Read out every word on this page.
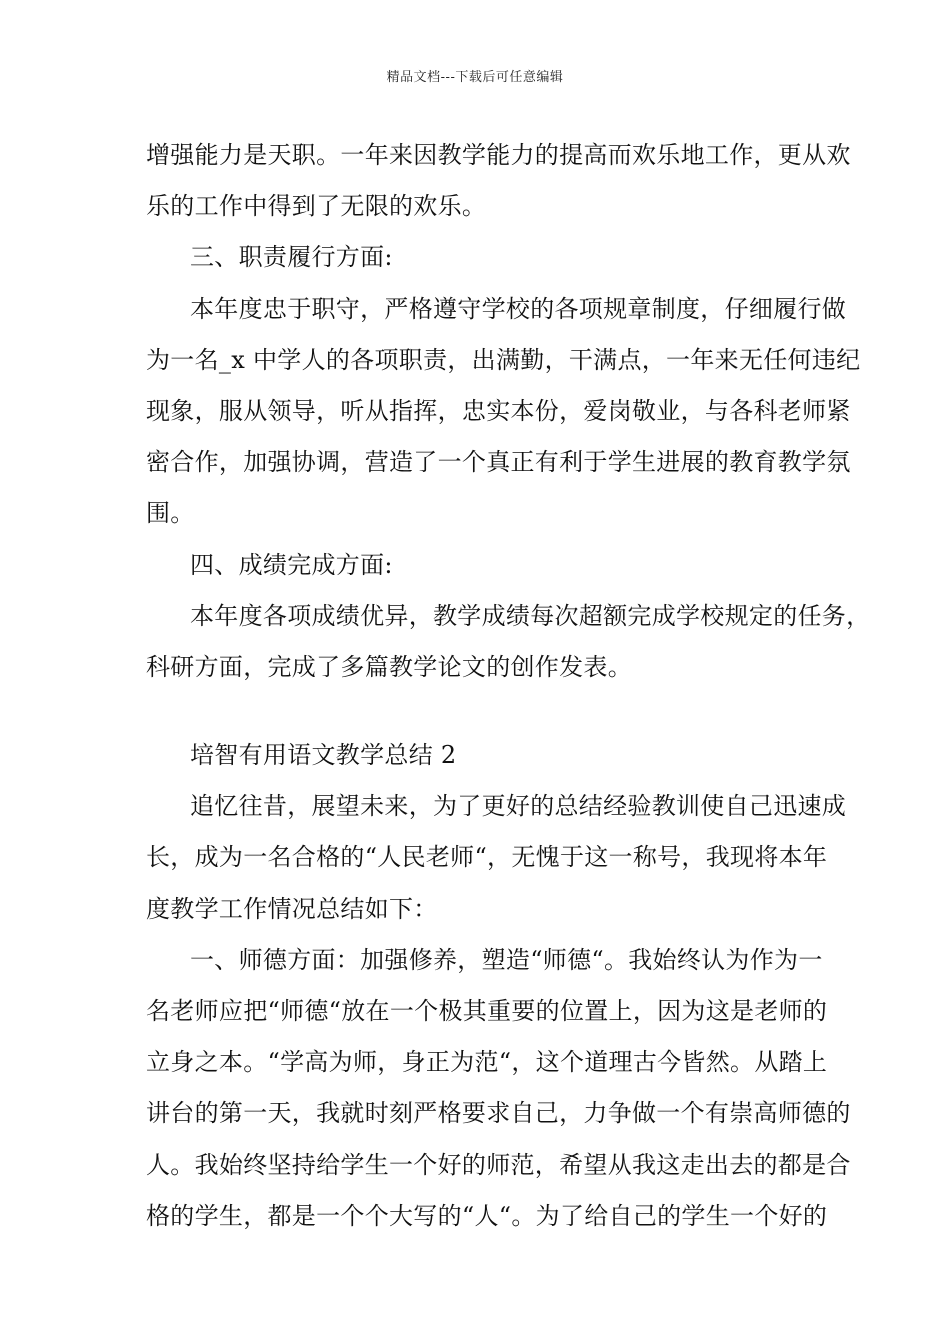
精品文档---下载后可任意编辑
增强能力是天职。一年来因教学能力的提高而欢乐地工作，更从欢
乐的工作中得到了无限的欢乐。
三、职责履行方面:
本年度忠于职守，严格遵守学校的各项规章制度，仔细履行做
为一名_x 中学人的各项职责，出满勤，干满点，一年来无任何违纪
现象，服从领导，听从指挥，忠实本份，爱岗敬业，与各科老师紧
密合作，加强协调，营造了一个真正有利于学生进展的教育教学氛
围。
四、成绩完成方面:
本年度各项成绩优异，教学成绩每次超额完成学校规定的任务，
科研方面，完成了多篇教学论文的创作发表。
培智有用语文教学总结 2
追忆往昔，展望未来，为了更好的总结经验教训使自己迅速成
长，成为一名合格的“人民老师“，无愧于这一称号，我现将本年
度教学工作情况总结如下：
一、师德方面：加强修养，塑造“师德“。我始终认为作为一
名老师应把“师德“放在一个极其重要的位置上，因为这是老师的
立身之本。“学高为师，身正为范“，这个道理古今皆然。从踏上
讲台的第一天，我就时刻严格要求自己，力争做一个有崇高师德的
人。我始终坚持给学生一个好的师范，希望从我这走出去的都是合
格的学生，都是一个个大写的“人“。为了给自己的学生一个好的
